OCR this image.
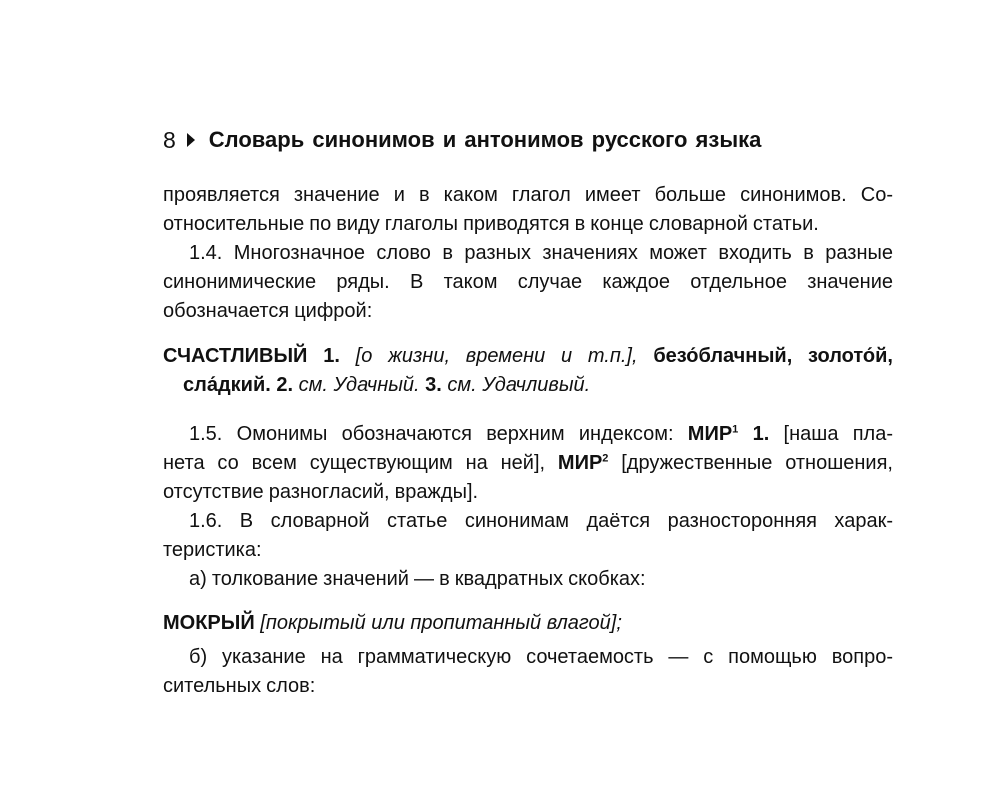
8 Словарь синонимов и антонимов русского языка
проявляется значение и в каком глагол имеет больше синонимов. Со-
относительные по виду глаголы приводятся в конце словарной статьи.
1.4. Многозначное слово в разных значениях может входить в разные
синонимические ряды. В таком случае каждое отдельное значение
обозначается цифрой:
СЧАСТЛИВЫЙ 1. [о жизни, времени и т.п.], безо́блачный, золото́й,
сла́дкий. 2. см. Удачный. 3. см. Удачливый.
1.5. Омонимы обозначаются верхним индексом: МИР$^1$ 1. [наша пла-
нета со всем существующим на ней], МИР$^2$ [дружественные отношения,
отсутствие разногласий, вражды].
1.6. В словарной статье синонимам даётся разносторонняя харак-
теристика:
а) толкование значений — в квадратных скобках:
МОКРЫЙ [покрытый или пропитанный влагой];
б) указание на грамматическую сочетаемость — с помощью вопро-
сительных слов:
